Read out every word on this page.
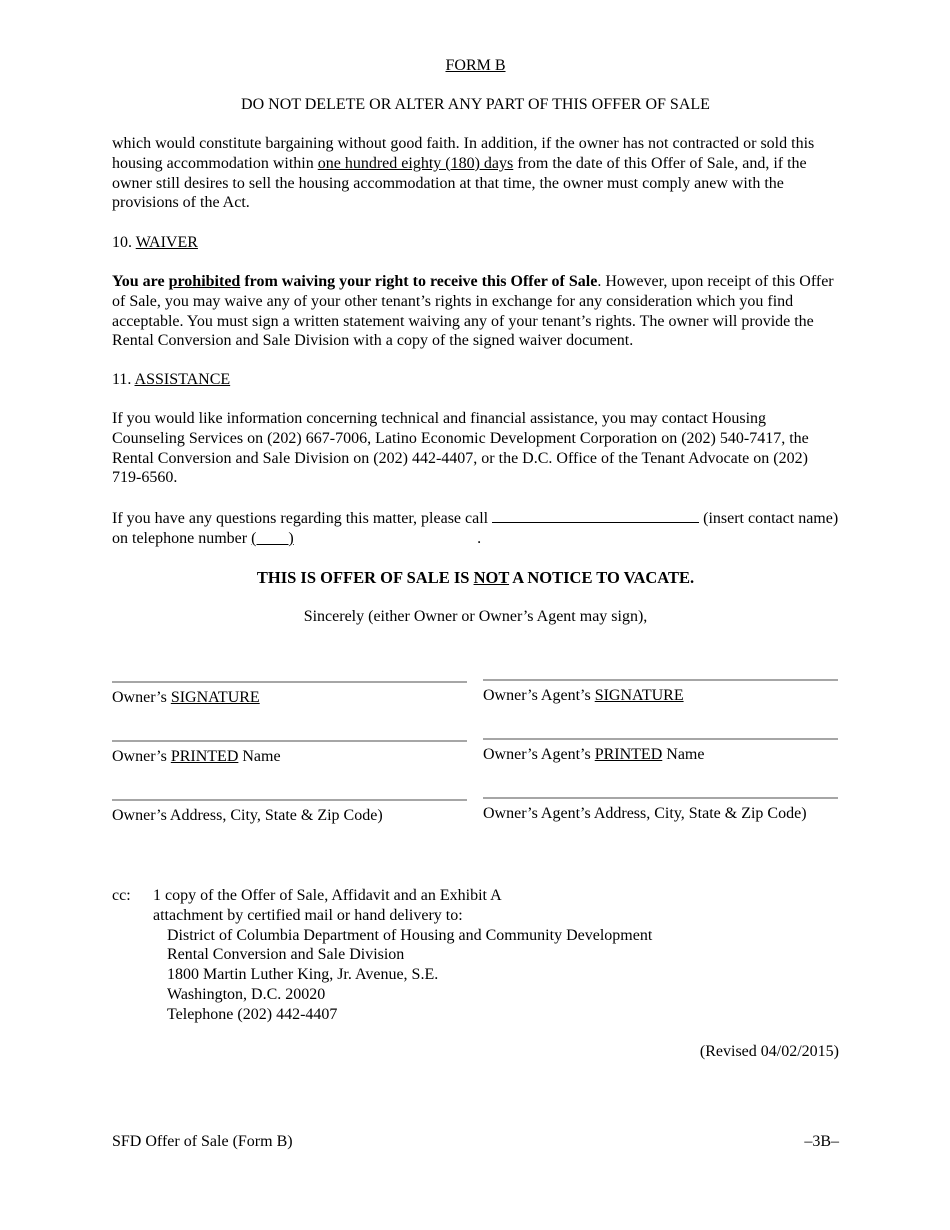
FORM B

DO NOT DELETE OR ALTER ANY PART OF THIS OFFER OF SALE

which would constitute bargaining without good faith. In addition, if the owner has not contracted or sold this housing accommodation within one hundred eighty (180) days from the date of this Offer of Sale, and, if the owner still desires to sell the housing accommodation at that time, the owner must comply anew with the provisions of the Act.

10. WAIVER

You are prohibited from waiving your right to receive this Offer of Sale. However, upon receipt of this Offer of Sale, you may waive any of your other tenant’s rights in exchange for any consideration which you find acceptable. You must sign a written statement waiving any of your tenant’s rights. The owner will provide the Rental Conversion and Sale Division with a copy of the signed waiver document.

11. ASSISTANCE

If you would like information concerning technical and financial assistance, you may contact Housing Counseling Services on (202) 667-7006, Latino Economic Development Corporation on (202) 540-7417, the Rental Conversion and Sale Division on (202) 442-4407, or the D.C. Office of the Tenant Advocate on (202) 719-6560.

If you have any questions regarding this matter, please call	(insert contact name) on telephone number (        )	.

THIS IS OFFER OF SALE IS NOT A NOTICE TO VACATE.

Sincerely (either Owner or Owner’s Agent may sign),

Owner’s SIGNATURE

Owner’s PRINTED Name

Owner’s Address, City, State & Zip Code)

Owner’s Agent’s SIGNATURE

Owner’s Agent’s PRINTED Name

Owner’s Agent’s Address, City, State & Zip Code)

cc:	1 copy of the Offer of Sale, Affidavit and an Exhibit A

attachment by certified mail or hand delivery to:

District of Columbia Department of Housing and Community Development

Rental Conversion and Sale Division

1800 Martin Luther King, Jr. Avenue, S.E.

Washington, D.C. 20020

Telephone (202) 442-4407

(Revised 04/02/2015)

SFD Offer of Sale (Form B)	–3B–
